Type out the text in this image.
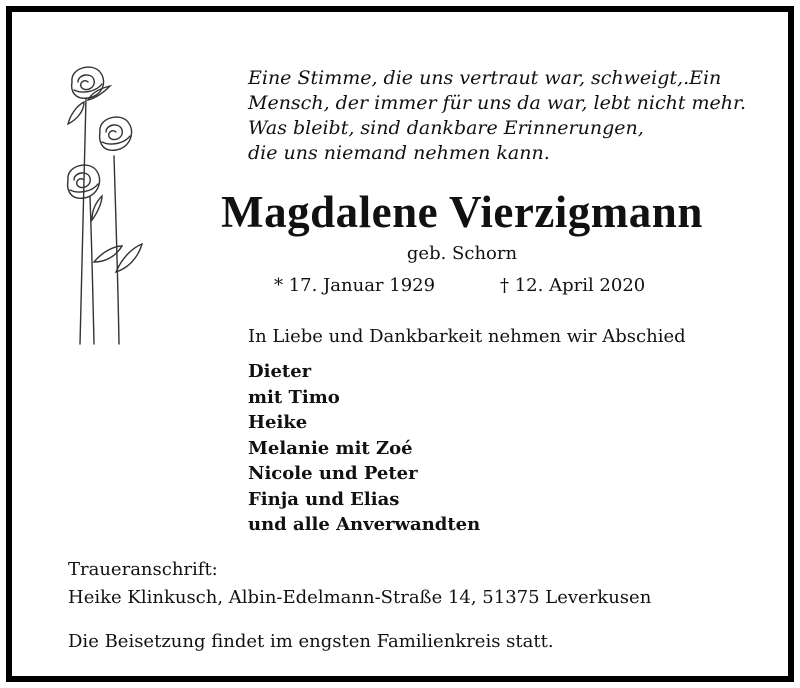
Eine Stimme, die uns vertraut war, schweigt,.Ein
Mensch, der immer für uns da war, lebt nicht mehr.
Was bleibt, sind dankbare Erinnerungen,
die uns niemand nehmen kann.
Magdalene Vierzigmann
geb. Schorn
* 17. Januar 1929	† 12. April 2020
In Liebe und Dankbarkeit nehmen wir Abschied
Dieter
mit Timo
Heike
Melanie mit Zoé
Nicole und Peter
Finja und Elias
und alle Anverwandten
Traueranschrift:
Heike Klinkusch, Albin-Edelmann-Straße 14, 51375 Leverkusen
Die Beisetzung findet im engsten Familienkreis statt.
